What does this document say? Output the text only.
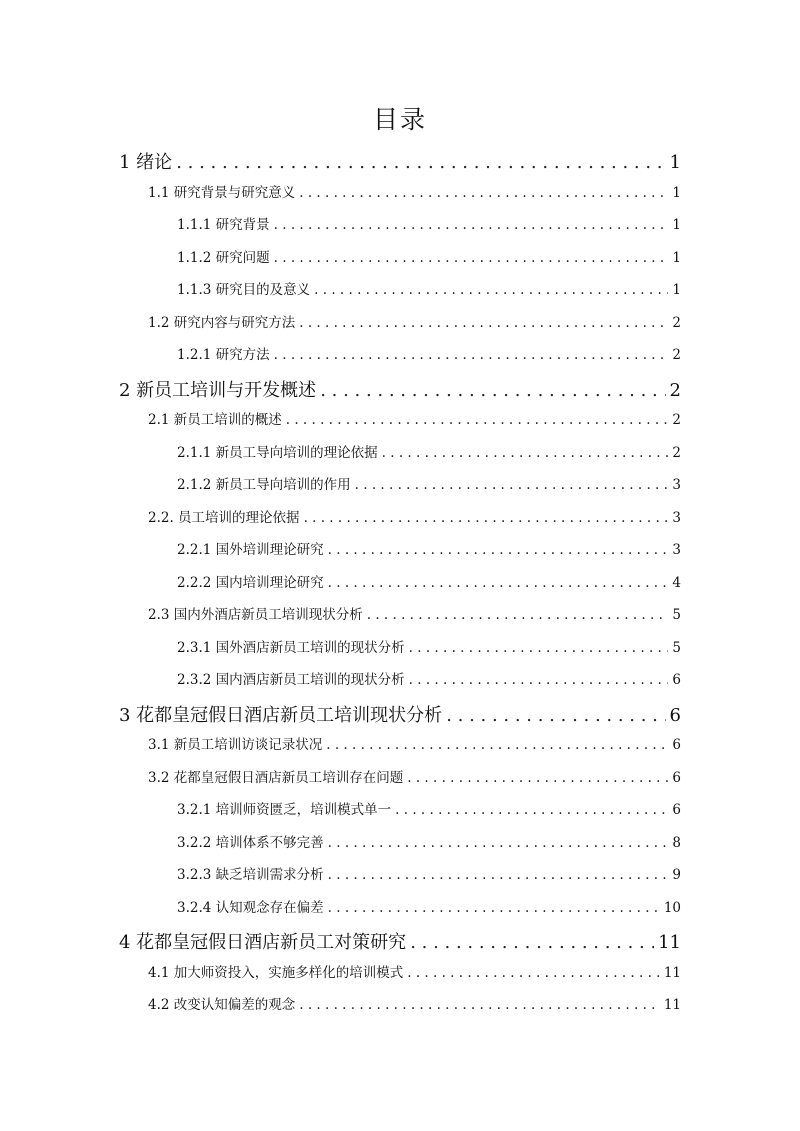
目录
1 绪论 . . .	1
1.1 研究背景与研究意义 . . .	1
1.1.1 研究背景 . . .	1
1.1.2 研究问题 . . .	1
1.1.3 研究目的及意义 . . .	1
1.2 研究内容与研究方法 . . .	2
1.2.1 研究方法 . . .	2
2 新员工培训与开发概述 . . .	2
2.1 新员工培训的概述 . . .	2
2.1.1 新员工导向培训的理论依据 . . .	2
2.1.2 新员工导向培训的作用 . . .	3
2.2. 员工培训的理论依据 . . .	3
2.2.1 国外培训理论研究 . . .	3
2.2.2 国内培训理论研究 . . .	4
2.3 国内外酒店新员工培训现状分析 . . .	5
2.3.1 国外酒店新员工培训的现状分析 . . .	5
2.3.2 国内酒店新员工培训的现状分析 . . .	6
3 花都皇冠假日酒店新员工培训现状分析 . . .	6
3.1 新员工培训访谈记录状况 . . .	6
3.2 花都皇冠假日酒店新员工培训存在问题 . . .	6
3.2.1 培训师资匮乏，培训模式单一 . . .	6
3.2.2 培训体系不够完善 . . .	8
3.2.3 缺乏培训需求分析 . . .	9
3.2.4 认知观念存在偏差 . . .	10
4 花都皇冠假日酒店新员工对策研究 . . .	11
4.1 加大师资投入，实施多样化的培训模式 . . .	11
4.2 改变认知偏差的观念 . . .	11
